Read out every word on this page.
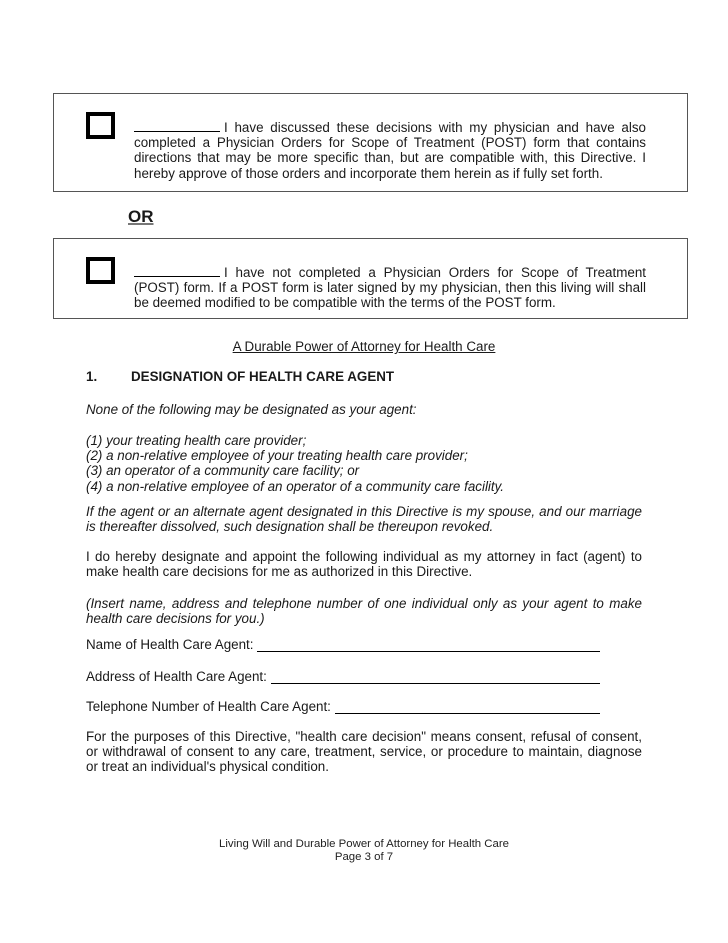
I have discussed these decisions with my physician and have also completed a Physician Orders for Scope of Treatment (POST) form that contains directions that may be more specific than, but are compatible with, this Directive. I hereby approve of those orders and incorporate them herein as if fully set forth.
OR
I have not completed a Physician Orders for Scope of Treatment (POST) form. If a POST form is later signed by my physician, then this living will shall be deemed modified to be compatible with the terms of the POST form.
A Durable Power of Attorney for Health Care
1.	DESIGNATION OF HEALTH CARE AGENT
None of the following may be designated as your agent:
(1) your treating health care provider;
(2) a non-relative employee of your treating health care provider;
(3) an operator of a community care facility; or
(4) a non-relative employee of an operator of a community care facility.
If the agent or an alternate agent designated in this Directive is my spouse, and our marriage is thereafter dissolved, such designation shall be thereupon revoked.
I do hereby designate and appoint the following individual as my attorney in fact (agent) to make health care decisions for me as authorized in this Directive.
(Insert name, address and telephone number of one individual only as your agent to make health care decisions for you.)
Name of Health Care Agent:
Address of Health Care Agent:
Telephone Number of Health Care Agent:
For the purposes of this Directive, "health care decision" means consent, refusal of consent, or withdrawal of consent to any care, treatment, service, or procedure to maintain, diagnose or treat an individual's physical condition.
Living Will and Durable Power of Attorney for Health Care
Page 3 of 7
